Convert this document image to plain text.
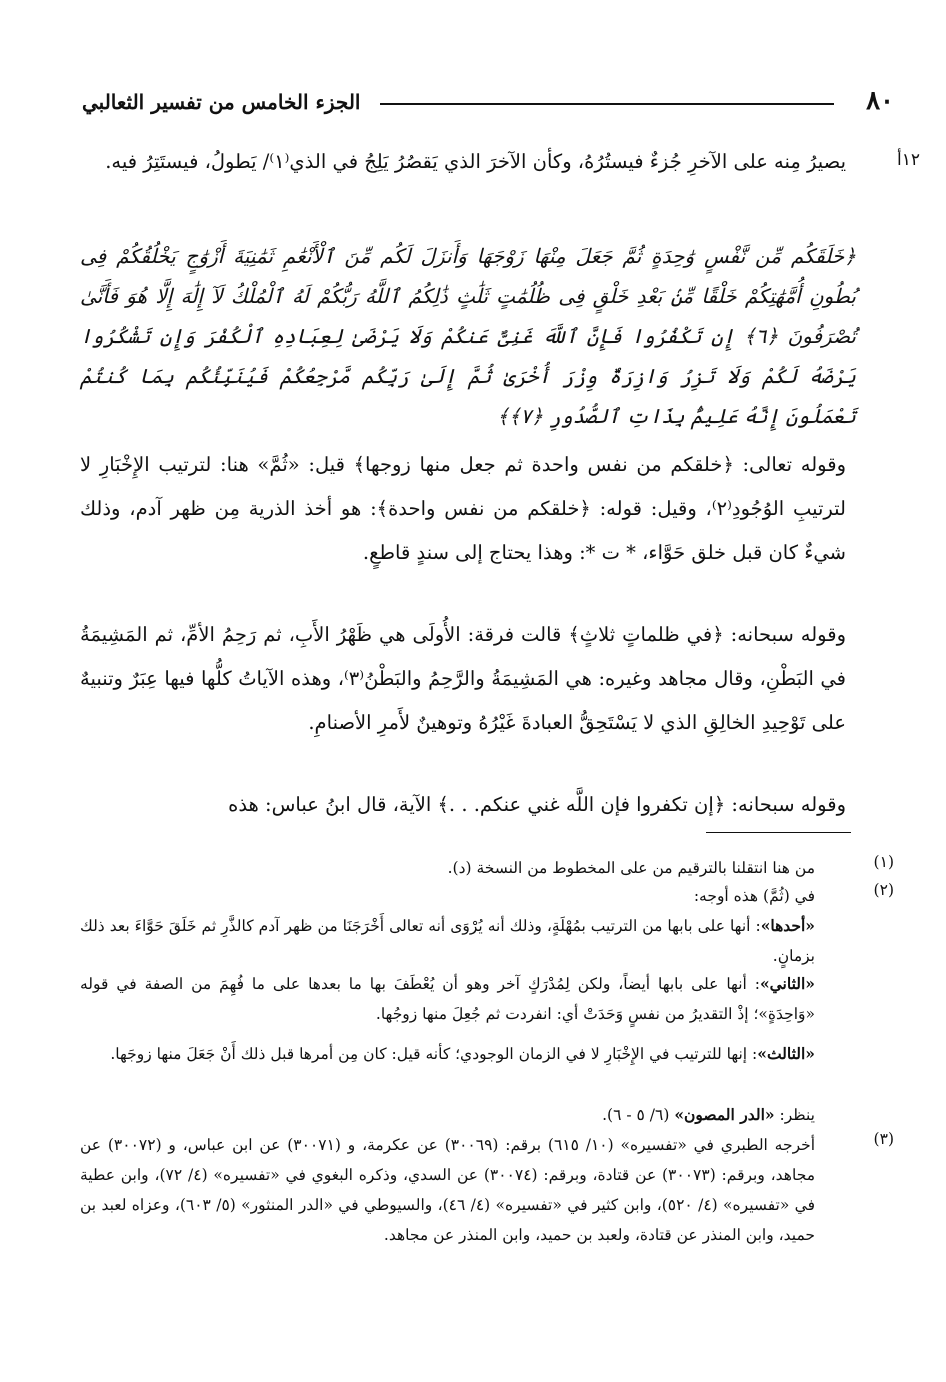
٨٠
الجزء الخامس من تفسير الثعالبي
١٢أ
يصيرُ مِنه على الآخرِ جُزءٌ فيستُرُهُ، وكأن الآخرَ الذي يَقصُرُ يَلِجُ في الذي⁽١⁾/ يَطولُ، فيستَتِرُ فيه.
﴿خَلَقَكُم مِّن نَّفْسٍ وَٰحِدَةٍ ثُمَّ جَعَلَ مِنْهَا زَوْجَهَا وَأَنزَلَ لَكُم مِّنَ ٱلْأَنْعَٰمِ ثَمَٰنِيَةَ أَزْوَٰجٍ يَخْلُقُكُمْ فِى بُطُونِ أُمَّهَٰتِكُمْ خَلْقًا مِّنۢ بَعْدِ خَلْقٍ فِى ظُلُمَٰتٍ ثَلَٰثٍ ذَٰلِكُمُ ٱللَّهُ رَبُّكُمْ لَهُ ٱلْمُلْكُ لَآ إِلَٰهَ إِلَّا هُوَ فَأَنَّىٰ تُصْرَفُونَ ﴿٦﴾ إِن تَكْفُرُوا فَإِنَّ ٱللَّهَ غَنِىٌّ عَنكُمْ وَلَا يَرْضَىٰ لِعِبَادِهِ ٱلْكُفْرَ وَإِن تَشْكُرُوا يَرْضَهُ لَكُمْ وَلَا تَزِرُ وَازِرَةٌ وِزْرَ أُخْرَىٰ ثُمَّ إِلَىٰ رَبِّكُم مَّرْجِعُكُمْ فَيُنَبِّئُكُم بِمَا كُنتُمْ تَعْمَلُونَ إِنَّهُ عَلِيمٌۢ بِذَاتِ ٱلصُّدُورِ ﴿٧﴾﴾
وقوله تعالى: ﴿خلقكم من نفس واحدة ثم جعل منها زوجها﴾ قيل: «ثُمَّ» هنا: لترتيب الإِخْبَارِ لا لترتيبِ الوُجُودِ⁽٢⁾، وقيل: قوله: ﴿خلقكم من نفس واحدة﴾: هو أخذ الذرية مِن ظهر آدم، وذلك شيءٌ كان قبل خلق حَوَّاء، * ت *: وهذا يحتاج إلى سندٍ قاطعٍ.
وقوله سبحانه: ﴿في ظلماتٍ ثلاثٍ﴾ قالت فرقة: الأُولَى هي ظَهْرُ الأَبِ، ثم رَحِمُ الأمِّ، ثم المَشِيمَةُ في البَطْنِ، وقال مجاهد وغيره: هي المَشِيمَةُ والرَّحِمُ والبَطْنُ⁽٣⁾، وهذه الآياتُ كلُّها فيها عِبَرٌ وتنبيهٌ على تَوْحِيدِ الخالِقِ الذي لا يَسْتَحِقُّ العبادةَ غَيْرُهُ وتوهينٌ لأَمرِ الأصنامِ.
وقوله سبحانه: ﴿إن تكفروا فإن اللَّه غني عنكم. . .﴾ الآية، قال ابنُ عباس: هذه
(١)
من هنا انتقلنا بالترقيم من على المخطوط من النسخة (د).
(٢)
في (ثُمَّ) هذه أوجه:
«أحدها»: أنها على بابها من الترتيب بمُهْلَةٍ، وذلك أنه يُرْوَى أنه تعالى أَخْرَجَنَا من ظهر آدم كالذَّرِ ثم خَلَقَ حَوَّاءَ بعد ذلك بزمانٍ.
«الثاني»: أنها على بابها أيضاً، ولكن لِمُدْرَكٍ آخر وهو أن يُعْطَفَ بها ما بعدها على ما فُهِمَ من الصفة في قوله «وَاحِدَةٍ»؛ إذْ التقديرُ من نفسٍ وَحَدَتْ أي: انفردت ثم جُعِلَ منها زوجُها.
«الثالث»: إنها للترتيب في الإِخْبَارِ لا في الزمان الوجودي؛ كأنه قيل: كان مِن أمرها قبل ذلك أَنْ جَعَلَ منها زوجَها.
ينظر: «الدر المصون» (٦/ ٥ - ٦).
(٣)
أخرجه الطبري في «تفسيره» (١٠/ ٦١٥) برقم: (٣٠٠٦٩) عن عكرمة، و (٣٠٠٧١) عن ابن عباس، و (٣٠٠٧٢) عن مجاهد، وبرقم: (٣٠٠٧٣) عن قتادة، وبرقم: (٣٠٠٧٤) عن السدي، وذكره البغوي في «تفسيره» (٤/ ٧٢)، وابن عطية في «تفسيره» (٤/ ٥٢٠)، وابن كثير في «تفسيره» (٤/ ٤٦)، والسيوطي في «الدر المنثور» (٥/ ٦٠٣)، وعزاه لعبد بن حميد، وابن المنذر عن قتادة، ولعبد بن حميد، وابن المنذر عن مجاهد.
